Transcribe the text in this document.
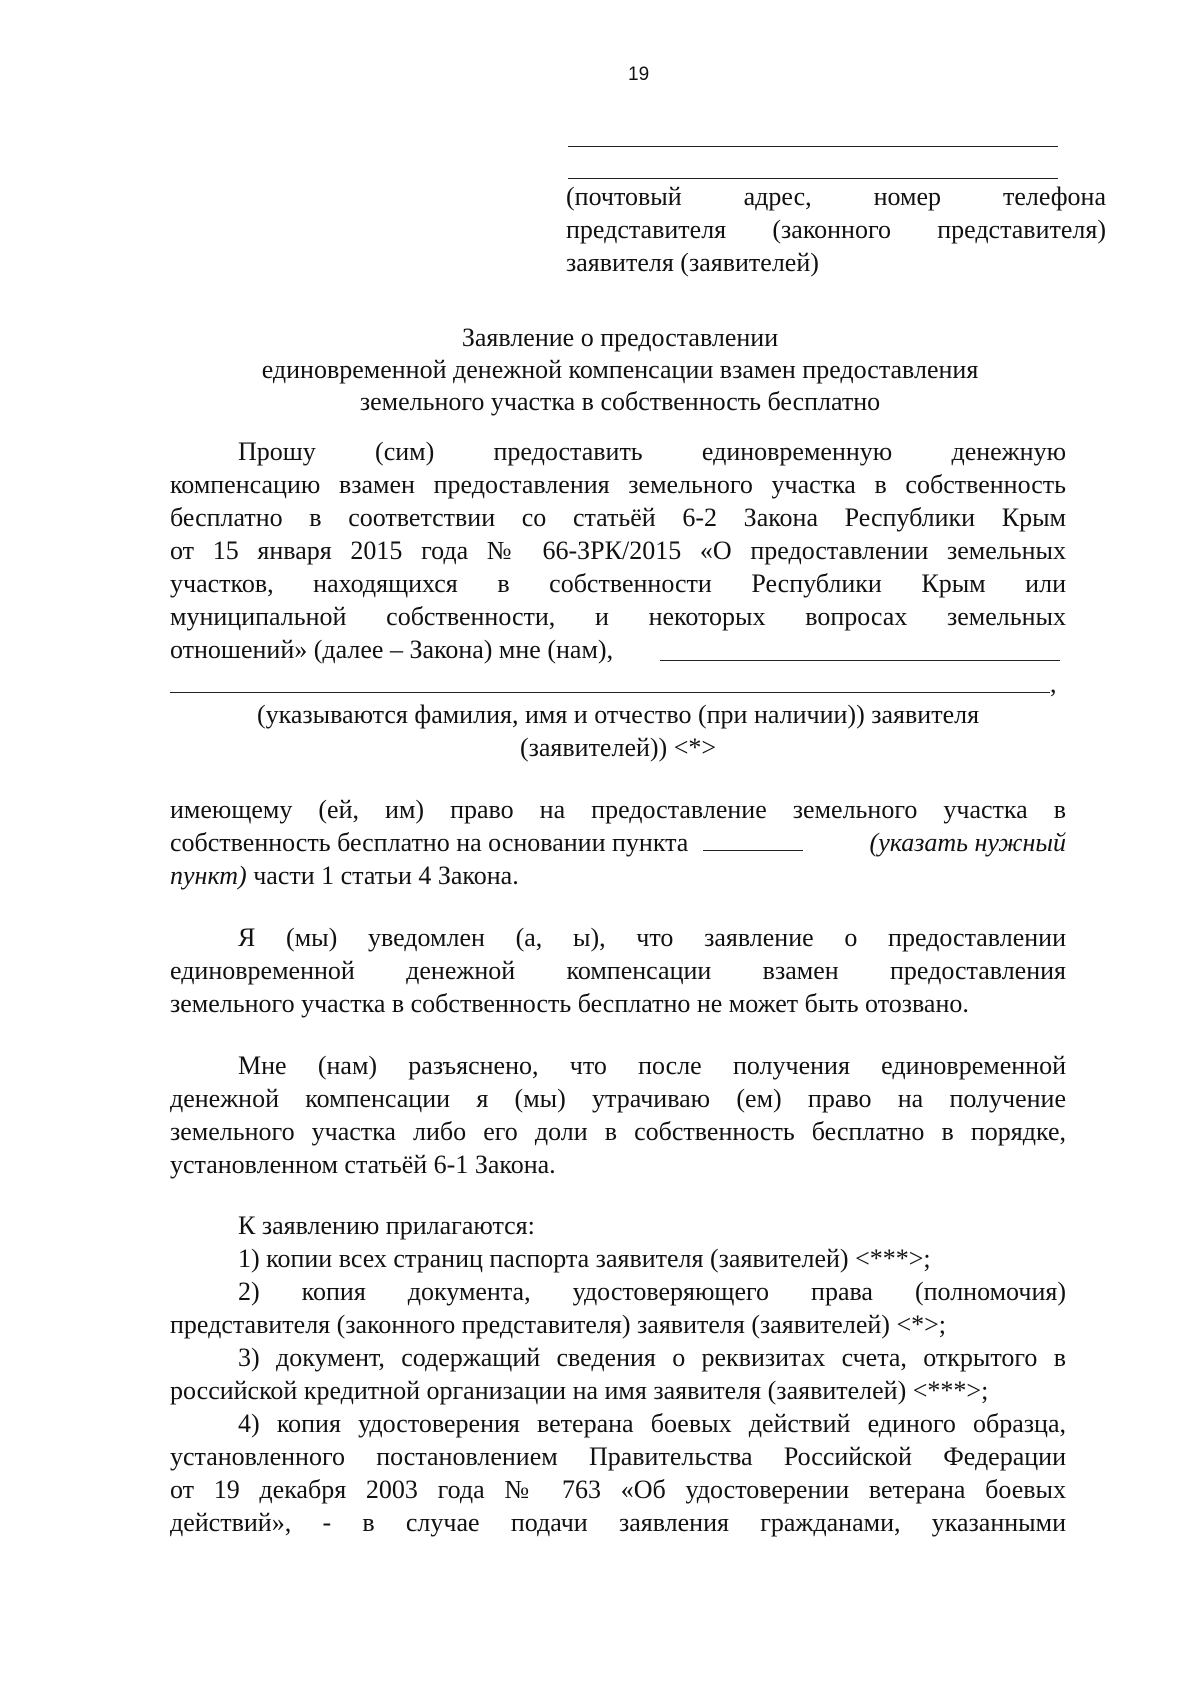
19
(почтовый адрес, номер телефона
представителя (законного представителя)
заявителя (заявителей)
Заявление о предоставлении
единовременной денежной компенсации взамен предоставления
земельного участка в собственность бесплатно
Прошу (сим) предоставить единовременную денежную
компенсацию взамен предоставления земельного участка в собственность
бесплатно в соответствии со статьёй 6-2 Закона Республики Крым
от 15 января 2015 года № 66-ЗРК/2015 «О предоставлении земельных
участков, находящихся в собственности Республики Крым или
муниципальной собственности, и некоторых вопросах земельных
отношений» (далее – Закона) мне (нам),
,
(указываются фамилия, имя и отчество (при наличии)) заявителя
(заявителей)) <*>
имеющему (ей, им) право на предоставление земельного участка в
собственность бесплатно на основании пункта	(указать нужный
пункт) части 1 статьи 4 Закона.
Я (мы) уведомлен (а, ы), что заявление о предоставлении
единовременной денежной компенсации взамен предоставления
земельного участка в собственность бесплатно не может быть отозвано.
Мне (нам) разъяснено, что после получения единовременной
денежной компенсации я (мы) утрачиваю (ем) право на получение
земельного участка либо его доли в собственность бесплатно в порядке,
установленном статьёй 6-1 Закона.
К заявлению прилагаются:
1) копии всех страниц паспорта заявителя (заявителей) <***>;
2) копия документа, удостоверяющего права (полномочия)
представителя (законного представителя) заявителя (заявителей) <*>;
3) документ, содержащий сведения о реквизитах счета, открытого в
российской кредитной организации на имя заявителя (заявителей) <***>;
4) копия удостоверения ветерана боевых действий единого образца,
установленного постановлением Правительства Российской Федерации
от 19 декабря 2003 года № 763 «Об удостоверении ветерана боевых
действий», - в случае подачи заявления гражданами, указанными
